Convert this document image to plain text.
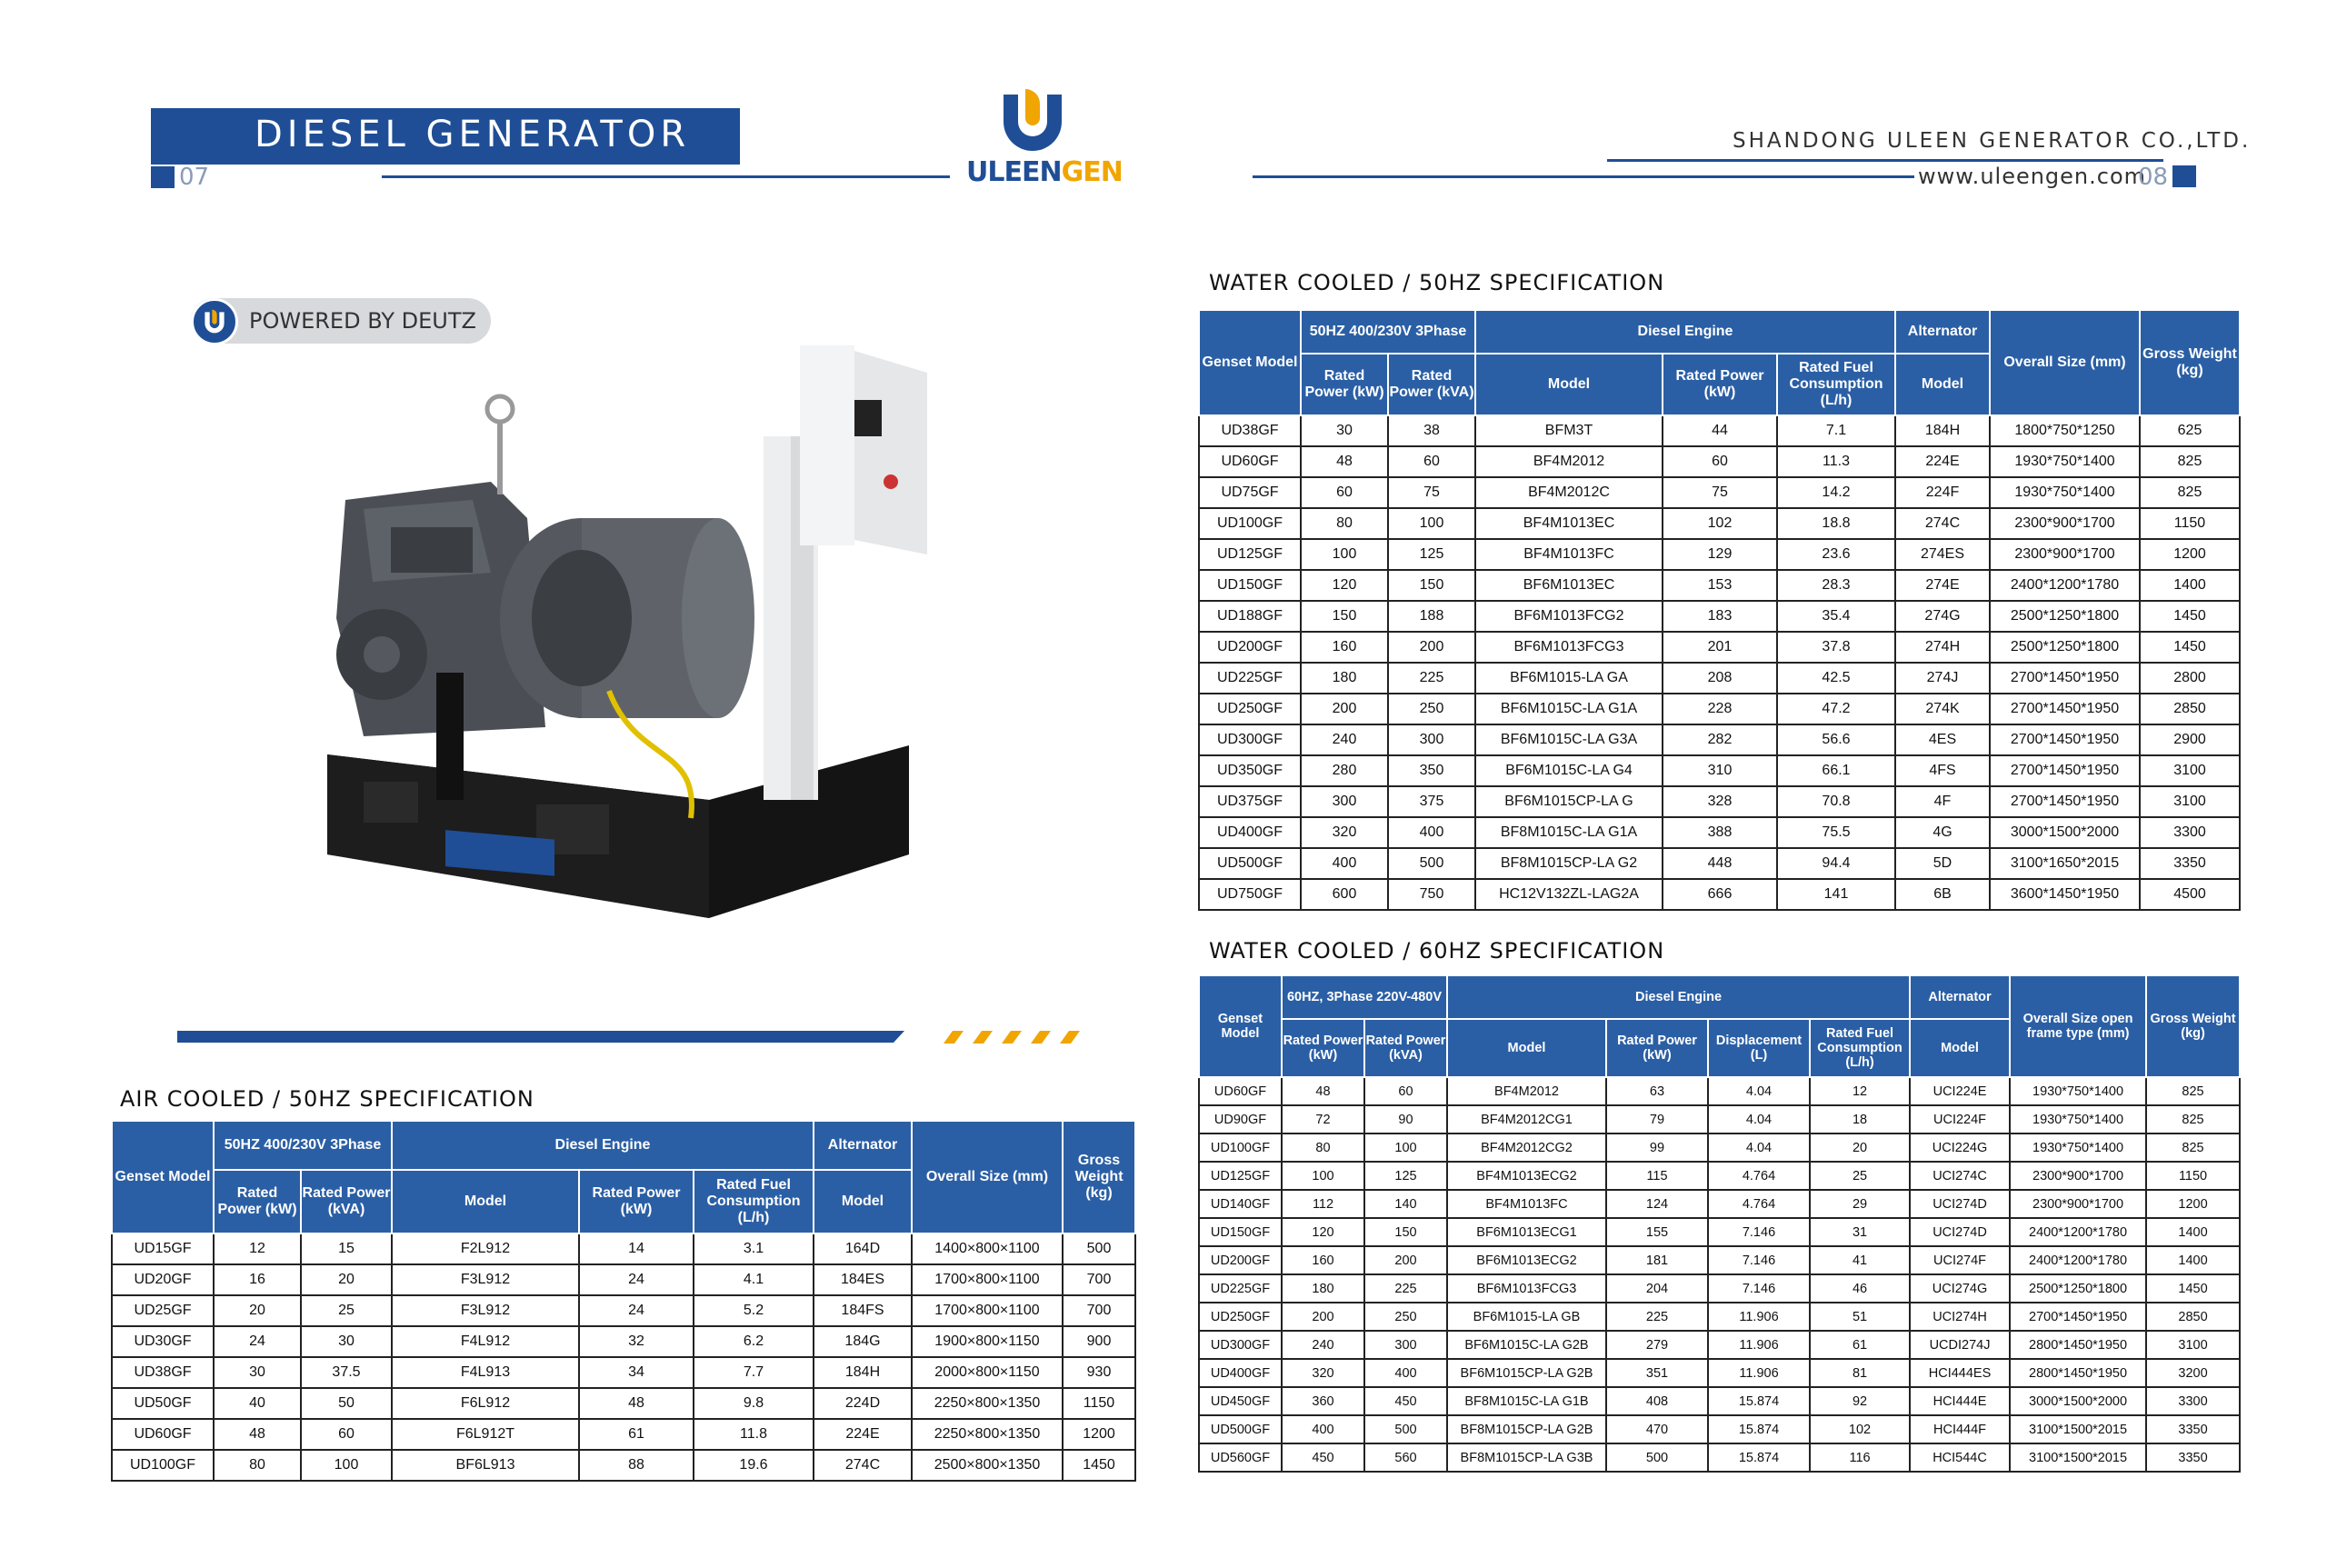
DIESEL GENERATOR
07	ULEENGEN
SHANDONG ULEEN GENERATOR CO.,LTD.
www.uleengen.com
08
POWERED BY DEUTZ
AIR COOLED / 50HZ SPECIFICATION
Genset Model	50HZ 400/230V 3Phase		Diesel Engine			Alternator	Overall Size (mm)	Gross Weight (kg)
	Rated Power (kW)	Rated Power (kVA)	Model	Rated Power (kW)	Rated Fuel Consumption (L/h)	Model		
UD15GF	12	15	F2L912	14	3.1	164D	1400×800×1100	500
UD20GF	16	20	F3L912	24	4.1	184ES	1700×800×1100	700
UD25GF	20	25	F3L912	24	5.2	184FS	1700×800×1100	700
UD30GF	24	30	F4L912	32	6.2	184G	1900×800×1150	900
UD38GF	30	37.5	F4L913	34	7.7	184H	2000×800×1150	930
UD50GF	40	50	F6L912	48	9.8	224D	2250×800×1350	1150
UD60GF	48	60	F6L912T	61	11.8	224E	2250×800×1350	1200
UD100GF	80	100	BF6L913	88	19.6	274C	2500×800×1350	1450
WATER COOLED / 50HZ SPECIFICATION
Genset Model	50HZ 400/230V 3Phase		Diesel Engine			Alternator	Overall Size (mm)	Gross Weight (kg)
	Rated Power (kW)	Rated Power (kVA)	Model	Rated Power (kW)	Rated Fuel Consumption (L/h)	Model		
UD38GF	30	38	BFM3T	44	7.1	184H	1800*750*1250	625
UD60GF	48	60	BF4M2012	60	11.3	224E	1930*750*1400	825
UD75GF	60	75	BF4M2012C	75	14.2	224F	1930*750*1400	825
UD100GF	80	100	BF4M1013EC	102	18.8	274C	2300*900*1700	1150
UD125GF	100	125	BF4M1013FC	129	23.6	274ES	2300*900*1700	1200
UD150GF	120	150	BF6M1013EC	153	28.3	274E	2400*1200*1780	1400
UD188GF	150	188	BF6M1013FCG2	183	35.4	274G	2500*1250*1800	1450
UD200GF	160	200	BF6M1013FCG3	201	37.8	274H	2500*1250*1800	1450
UD225GF	180	225	BF6M1015-LA GA	208	42.5	274J	2700*1450*1950	2800
UD250GF	200	250	BF6M1015C-LA G1A	228	47.2	274K	2700*1450*1950	2850
UD300GF	240	300	BF6M1015C-LA G3A	282	56.6	4ES	2700*1450*1950	2900
UD350GF	280	350	BF6M1015C-LA G4	310	66.1	4FS	2700*1450*1950	3100
UD375GF	300	375	BF6M1015CP-LA G	328	70.8	4F	2700*1450*1950	3100
UD400GF	320	400	BF8M1015C-LA G1A	388	75.5	4G	3000*1500*2000	3300
UD500GF	400	500	BF8M1015CP-LA G2	448	94.4	5D	3100*1650*2015	3350
UD750GF	600	750	HC12V132ZL-LAG2A	666	141	6B	3600*1450*1950	4500
WATER COOLED / 60HZ SPECIFICATION
Genset Model	60HZ, 3Phase 220V-480V		Diesel Engine				Alternator	Overall Size open frame type (mm)	Gross Weight (kg)
	Rated Power (kW)	Rated Power (kVA)	Model	Rated Power (kW)	Displacement (L)	Rated Fuel Consumption (L/h)	Model		
UD60GF	48	60	BF4M2012	63	4.04	12	UCI224E	1930*750*1400	825
UD90GF	72	90	BF4M2012CG1	79	4.04	18	UCI224F	1930*750*1400	825
UD100GF	80	100	BF4M2012CG2	99	4.04	20	UCI224G	1930*750*1400	825
UD125GF	100	125	BF4M1013ECG2	115	4.764	25	UCI274C	2300*900*1700	1150
UD140GF	112	140	BF4M1013FC	124	4.764	29	UCI274D	2300*900*1700	1200
UD150GF	120	150	BF6M1013ECG1	155	7.146	31	UCI274D	2400*1200*1780	1400
UD200GF	160	200	BF6M1013ECG2	181	7.146	41	UCI274F	2400*1200*1780	1400
UD225GF	180	225	BF6M1013FCG3	204	7.146	46	UCI274G	2500*1250*1800	1450
UD250GF	200	250	BF6M1015-LA GB	225	11.906	51	UCI274H	2700*1450*1950	2850
UD300GF	240	300	BF6M1015C-LA G2B	279	11.906	61	UCDI274J	2800*1450*1950	3100
UD400GF	320	400	BF6M1015CP-LA G2B	351	11.906	81	HCI444ES	2800*1450*1950	3200
UD450GF	360	450	BF8M1015C-LA G1B	408	15.874	92	HCI444E	3000*1500*2000	3300
UD500GF	400	500	BF8M1015CP-LA G2B	470	15.874	102	HCI444F	3100*1500*2015	3350
UD560GF	450	560	BF8M1015CP-LA G3B	500	15.874	116	HCI544C	3100*1500*2015	3350
